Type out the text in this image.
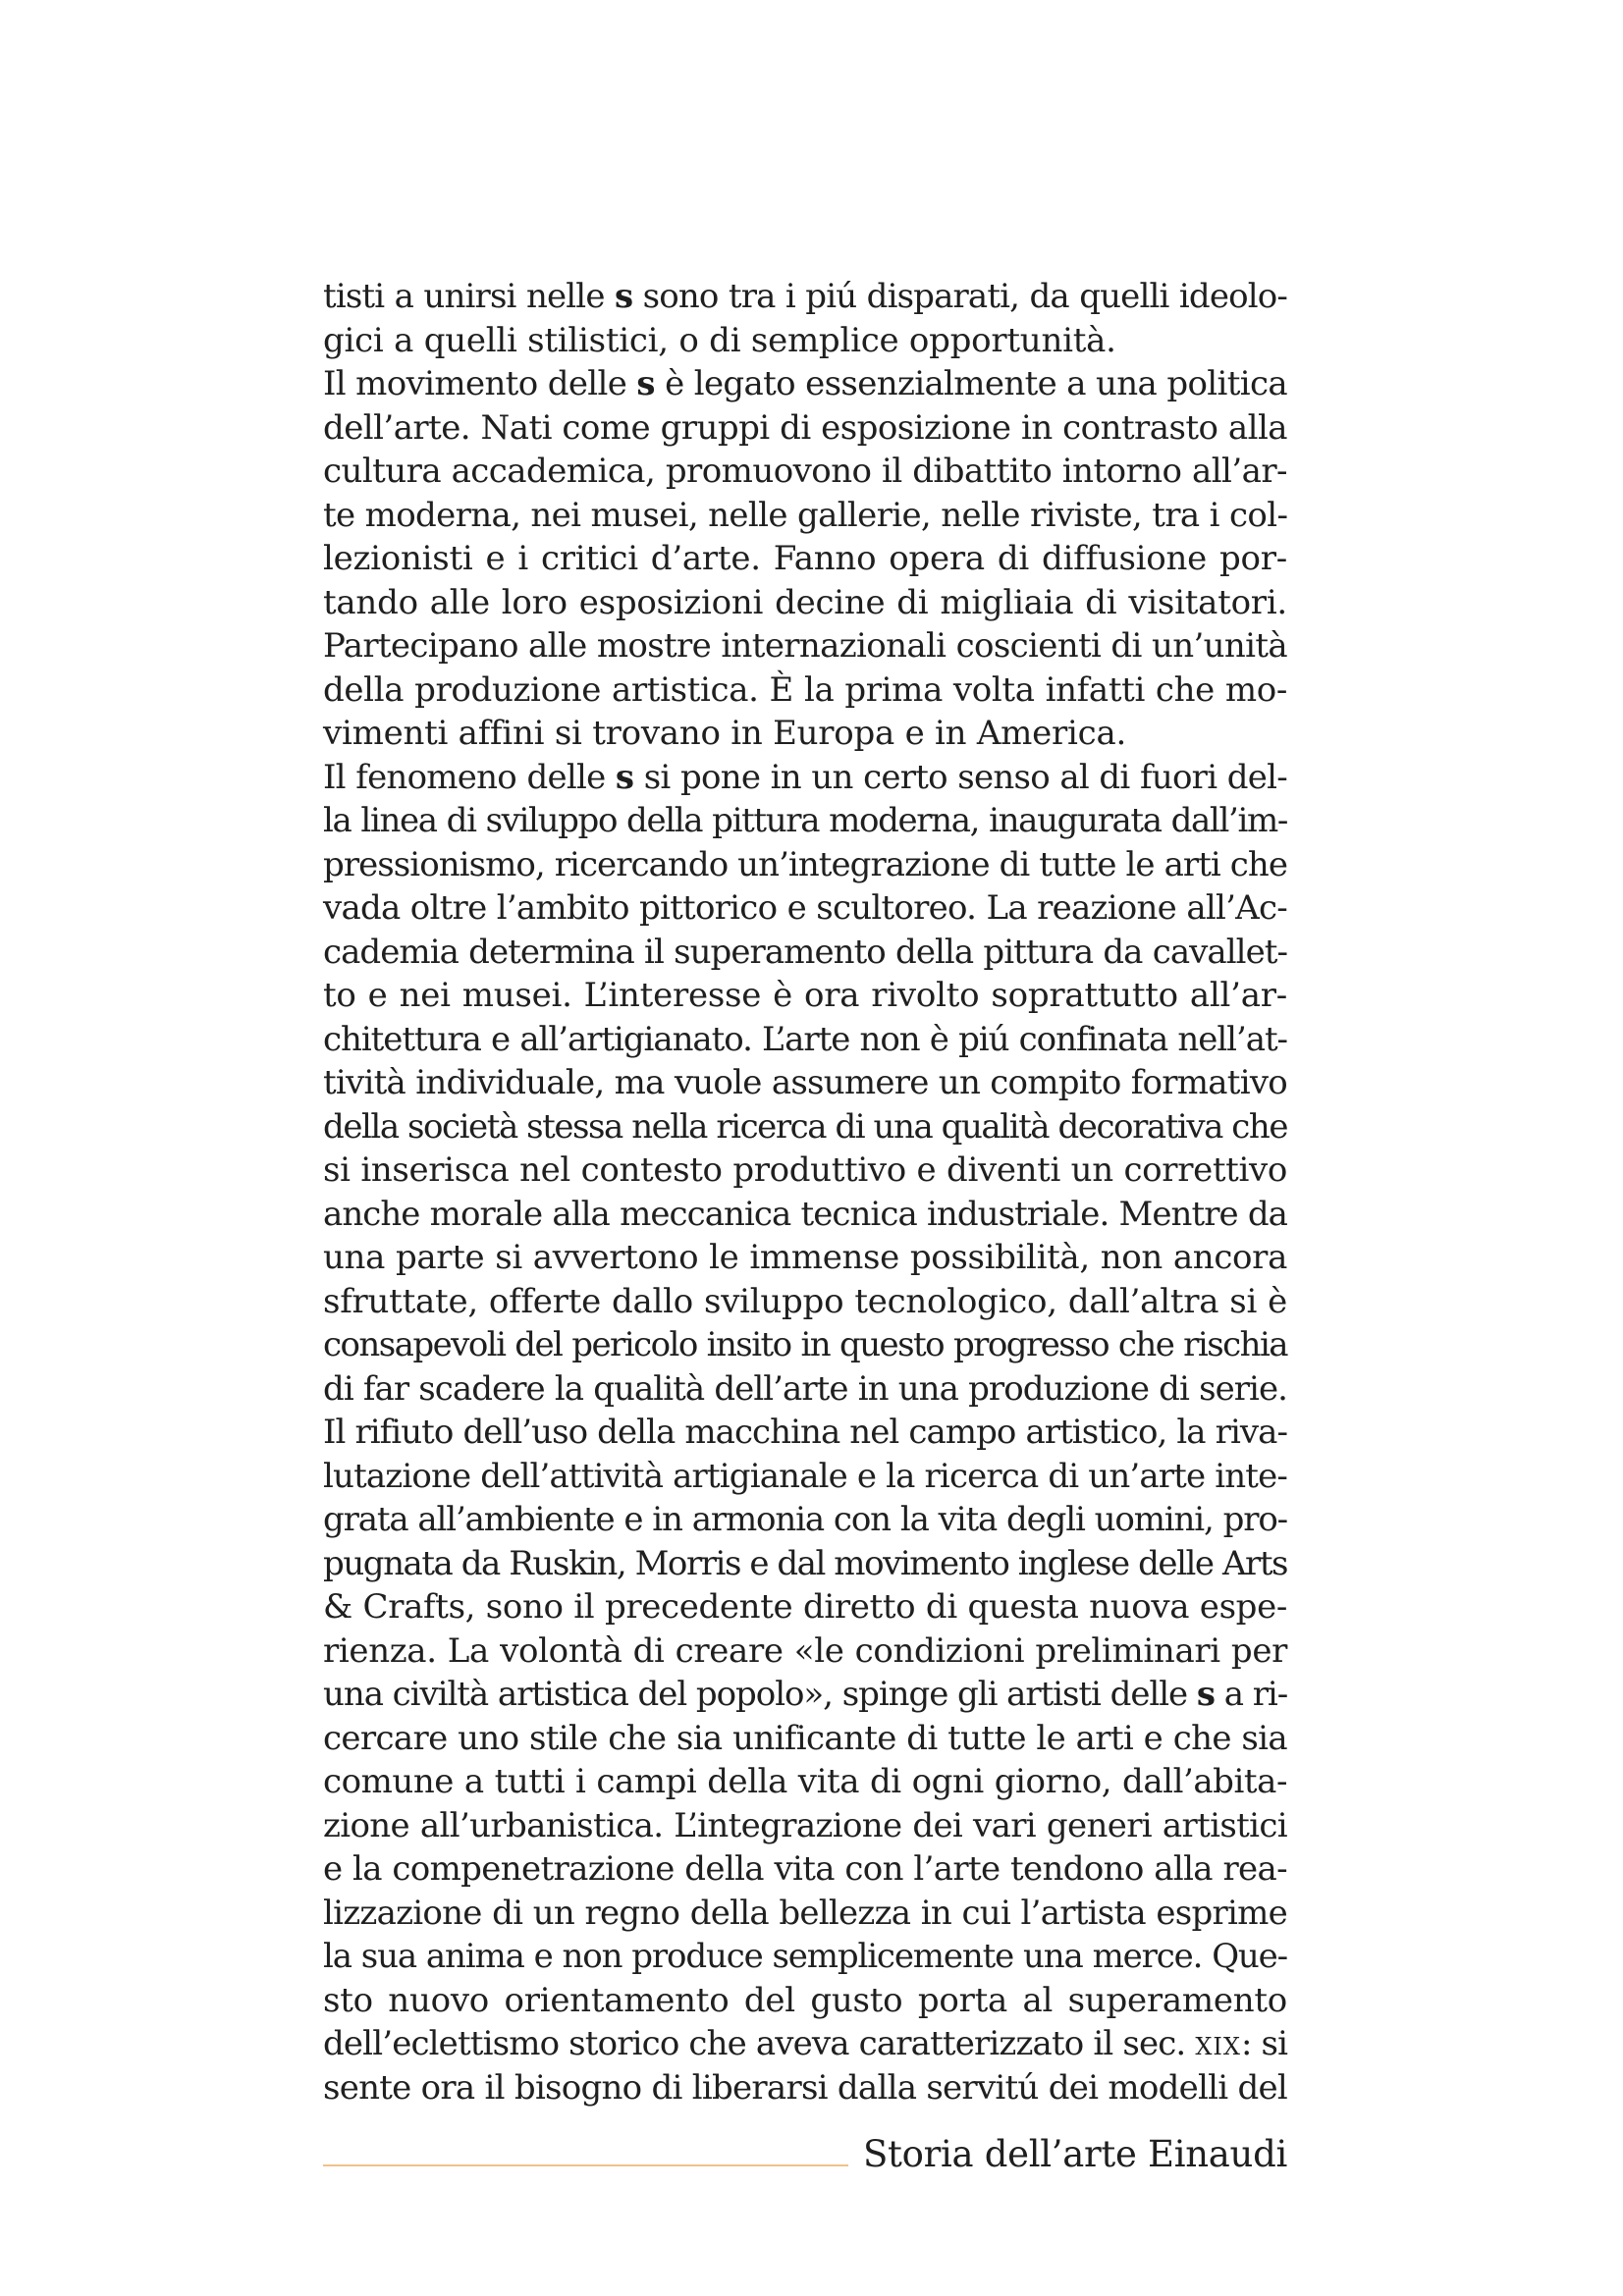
tisti a unirsi nelle s sono tra i piú disparati, da quelli ideolo-
gici a quelli stilistici, o di semplice opportunità.
Il movimento delle s è legato essenzialmente a una politica
dell’arte. Nati come gruppi di esposizione in contrasto alla
cultura accademica, promuovono il dibattito intorno all’ar-
te moderna, nei musei, nelle gallerie, nelle riviste, tra i col-
lezionisti e i critici d’arte. Fanno opera di diffusione por-
tando alle loro esposizioni decine di migliaia di visitatori.
Partecipano alle mostre internazionali coscienti di un’unità
della produzione artistica. È la prima volta infatti che mo-
vimenti affini si trovano in Europa e in America.
Il fenomeno delle s si pone in un certo senso al di fuori del-
la linea di sviluppo della pittura moderna, inaugurata dall’im-
pressionismo, ricercando un’integrazione di tutte le arti che
vada oltre l’ambito pittorico e scultoreo. La reazione all’Ac-
cademia determina il superamento della pittura da cavallet-
to e nei musei. L’interesse è ora rivolto soprattutto all’ar-
chitettura e all’artigianato. L’arte non è piú confinata nell’at-
tività individuale, ma vuole assumere un compito formativo
della società stessa nella ricerca di una qualità decorativa che
si inserisca nel contesto produttivo e diventi un correttivo
anche morale alla meccanica tecnica industriale. Mentre da
una parte si avvertono le immense possibilità, non ancora
sfruttate, offerte dallo sviluppo tecnologico, dall’altra si è
consapevoli del pericolo insito in questo progresso che rischia
di far scadere la qualità dell’arte in una produzione di serie.
Il rifiuto dell’uso della macchina nel campo artistico, la riva-
lutazione dell’attività artigianale e la ricerca di un’arte inte-
grata all’ambiente e in armonia con la vita degli uomini, pro-
pugnata da Ruskin, Morris e dal movimento inglese delle Arts
& Crafts, sono il precedente diretto di questa nuova espe-
rienza. La volontà di creare «le condizioni preliminari per
una civiltà artistica del popolo», spinge gli artisti delle s a ri-
cercare uno stile che sia unificante di tutte le arti e che sia
comune a tutti i campi della vita di ogni giorno, dall’abita-
zione all’urbanistica. L’integrazione dei vari generi artistici
e la compenetrazione della vita con l’arte tendono alla rea-
lizzazione di un regno della bellezza in cui l’artista esprime
la sua anima e non produce semplicemente una merce. Que-
sto nuovo orientamento del gusto porta al superamento
dell’eclettismo storico che aveva caratterizzato il sec. xix: si
sente ora il bisogno di liberarsi dalla servitú dei modelli del
Storia dell’arte Einaudi
